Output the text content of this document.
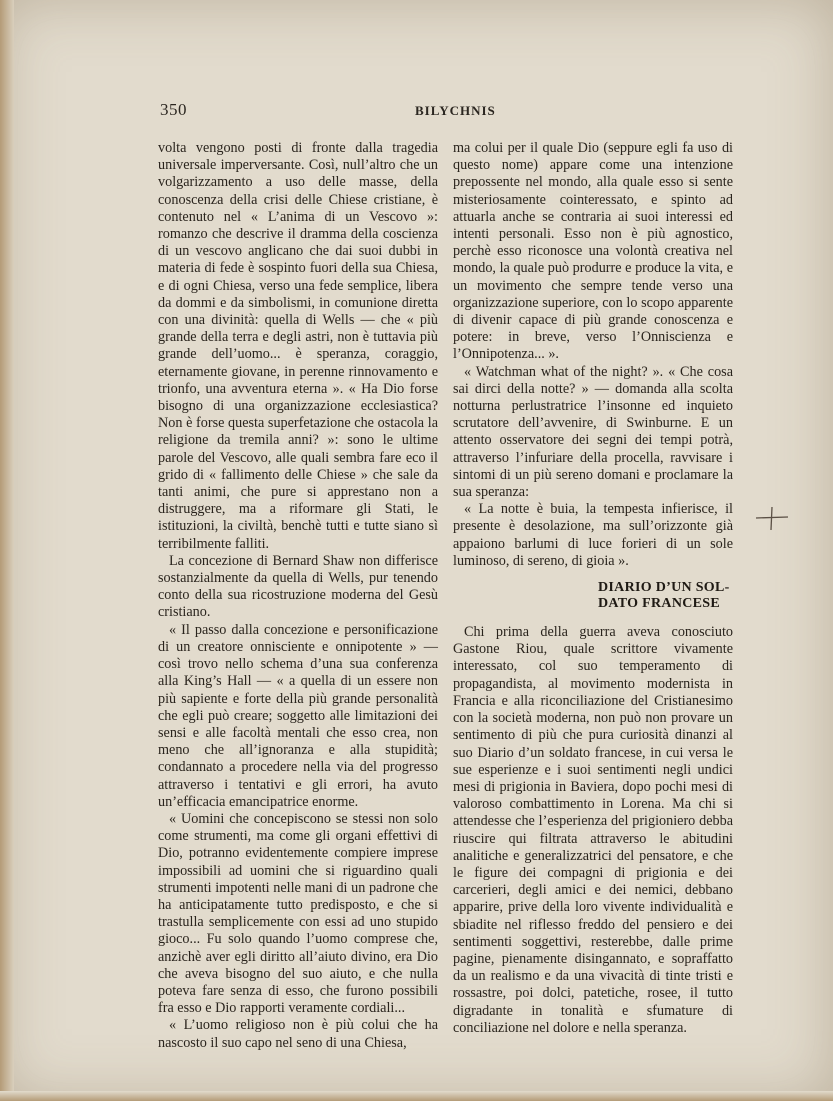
350	BILYCHNIS

volta vengono posti di fronte dalla tragedia universale imperversante. Così, null’altro che un volgarizzamento a uso delle masse, della conoscenza della crisi delle Chiese cristiane, è contenuto nel « L’anima di un Vescovo »: romanzo che descrive il dramma della coscienza di un vescovo anglicano che dai suoi dubbi in materia di fede è sospinto fuori della sua Chiesa, e di ogni Chiesa, verso una fede semplice, libera da dommi e da simbolismi, in comunione diretta con una divinità: quella di Wells — che « più grande della terra e degli astri, non è tuttavia più grande dell’uomo... è speranza, coraggio, eternamente giovane, in perenne rinnovamento e trionfo, una avventura eterna ». « Ha Dio forse bisogno di una organizzazione ecclesiastica? Non è forse questa superfetazione che ostacola la religione da tremila anni? »: sono le ultime parole del Vescovo, alle quali sembra fare eco il grido di « fallimento delle Chiese » che sale da tanti animi, che pure si apprestano non a distruggere, ma a riformare gli Stati, le istituzioni, la civiltà, benchè tutti e tutte siano sì terribilmente falliti.

La concezione di Bernard Shaw non differisce sostanzialmente da quella di Wells, pur tenendo conto della sua ricostruzione moderna del Gesù cristiano.

« Il passo dalla concezione e personificazione di un creatore onnisciente e onnipotente » — così trovo nello schema d’una sua conferenza alla King’s Hall — « a quella di un essere non più sapiente e forte della più grande personalità che egli può creare; soggetto alle limitazioni dei sensi e alle facoltà mentali che esso crea, non meno che all’ignoranza e alla stupidità; condannato a procedere nella via del progresso attraverso i tentativi e gli errori, ha avuto un’efficacia emancipatrice enorme.

« Uomini che concepiscono se stessi non solo come strumenti, ma come gli organi effettivi di Dio, potranno evidentemente compiere imprese impossibili ad uomini che si riguardino quali strumenti impotenti nelle mani di un padrone che ha anticipatamente tutto predisposto, e che si trastulla semplicemente con essi ad uno stupido gioco... Fu solo quando l’uomo comprese che, anzichè aver egli diritto all’aiuto divino, era Dio che aveva bisogno del suo aiuto, e che nulla poteva fare senza di esso, che furono possibili fra esso e Dio rapporti veramente cordiali...

« L’uomo religioso non è più colui che ha nascosto il suo capo nel seno di una Chiesa,

ma colui per il quale Dio (seppure egli fa uso di questo nome) appare come una intenzione prepossente nel mondo, alla quale esso si sente misteriosamente cointeressato, e spinto ad attuarla anche se contraria ai suoi interessi ed intenti personali. Esso non è più agnostico, perchè esso riconosce una volontà creativa nel mondo, la quale può produrre e produce la vita, e un movimento che sempre tende verso una organizzazione superiore, con lo scopo apparente di divenir capace di più grande conoscenza e potere: in breve, verso l’Onniscienza e l’Onnipotenza... ».

« Watchman what of the night? ». « Che cosa sai dirci della notte? » — domanda alla scolta notturna perlustratrice l’insonne ed inquieto scrutatore dell’avvenire, di Swinburne. E un attento osservatore dei segni dei tempi potrà, attraverso l’infuriare della procella, ravvisare i sintomi di un più sereno domani e proclamare la sua speranza:

« La notte è buia, la tempesta infierisce, il presente è desolazione, ma sull’orizzonte già appaiono barlumi di luce forieri di un sole luminoso, di sereno, di gioia ».

DIARIO D’UN SOL-
DATO FRANCESE

Chi prima della guerra aveva conosciuto Gastone Riou, quale scrittore vivamente interessato, col suo temperamento di propagandista, al movimento modernista in Francia e alla riconciliazione del Cristianesimo con la società moderna, non può non provare un sentimento di più che pura curiosità dinanzi al suo Diario d’un soldato francese, in cui versa le sue esperienze e i suoi sentimenti negli undici mesi di prigionia in Baviera, dopo pochi mesi di valoroso combattimento in Lorena. Ma chi si attendesse che l’esperienza del prigioniero debba riuscire qui filtrata attraverso le abitudini analitiche e generalizzatrici del pensatore, e che le figure dei compagni di prigionia e dei carcerieri, degli amici e dei nemici, debbano apparire, prive della loro vivente individualità e sbiadite nel riflesso freddo del pensiero e dei sentimenti soggettivi, resterebbe, dalle prime pagine, pienamente disingannato, e sopraffatto da un realismo e da una vivacità di tinte tristi e rossastre, poi dolci, patetiche, rosee, il tutto digradante in tonalità e sfumature di conciliazione nel dolore e nella speranza.
